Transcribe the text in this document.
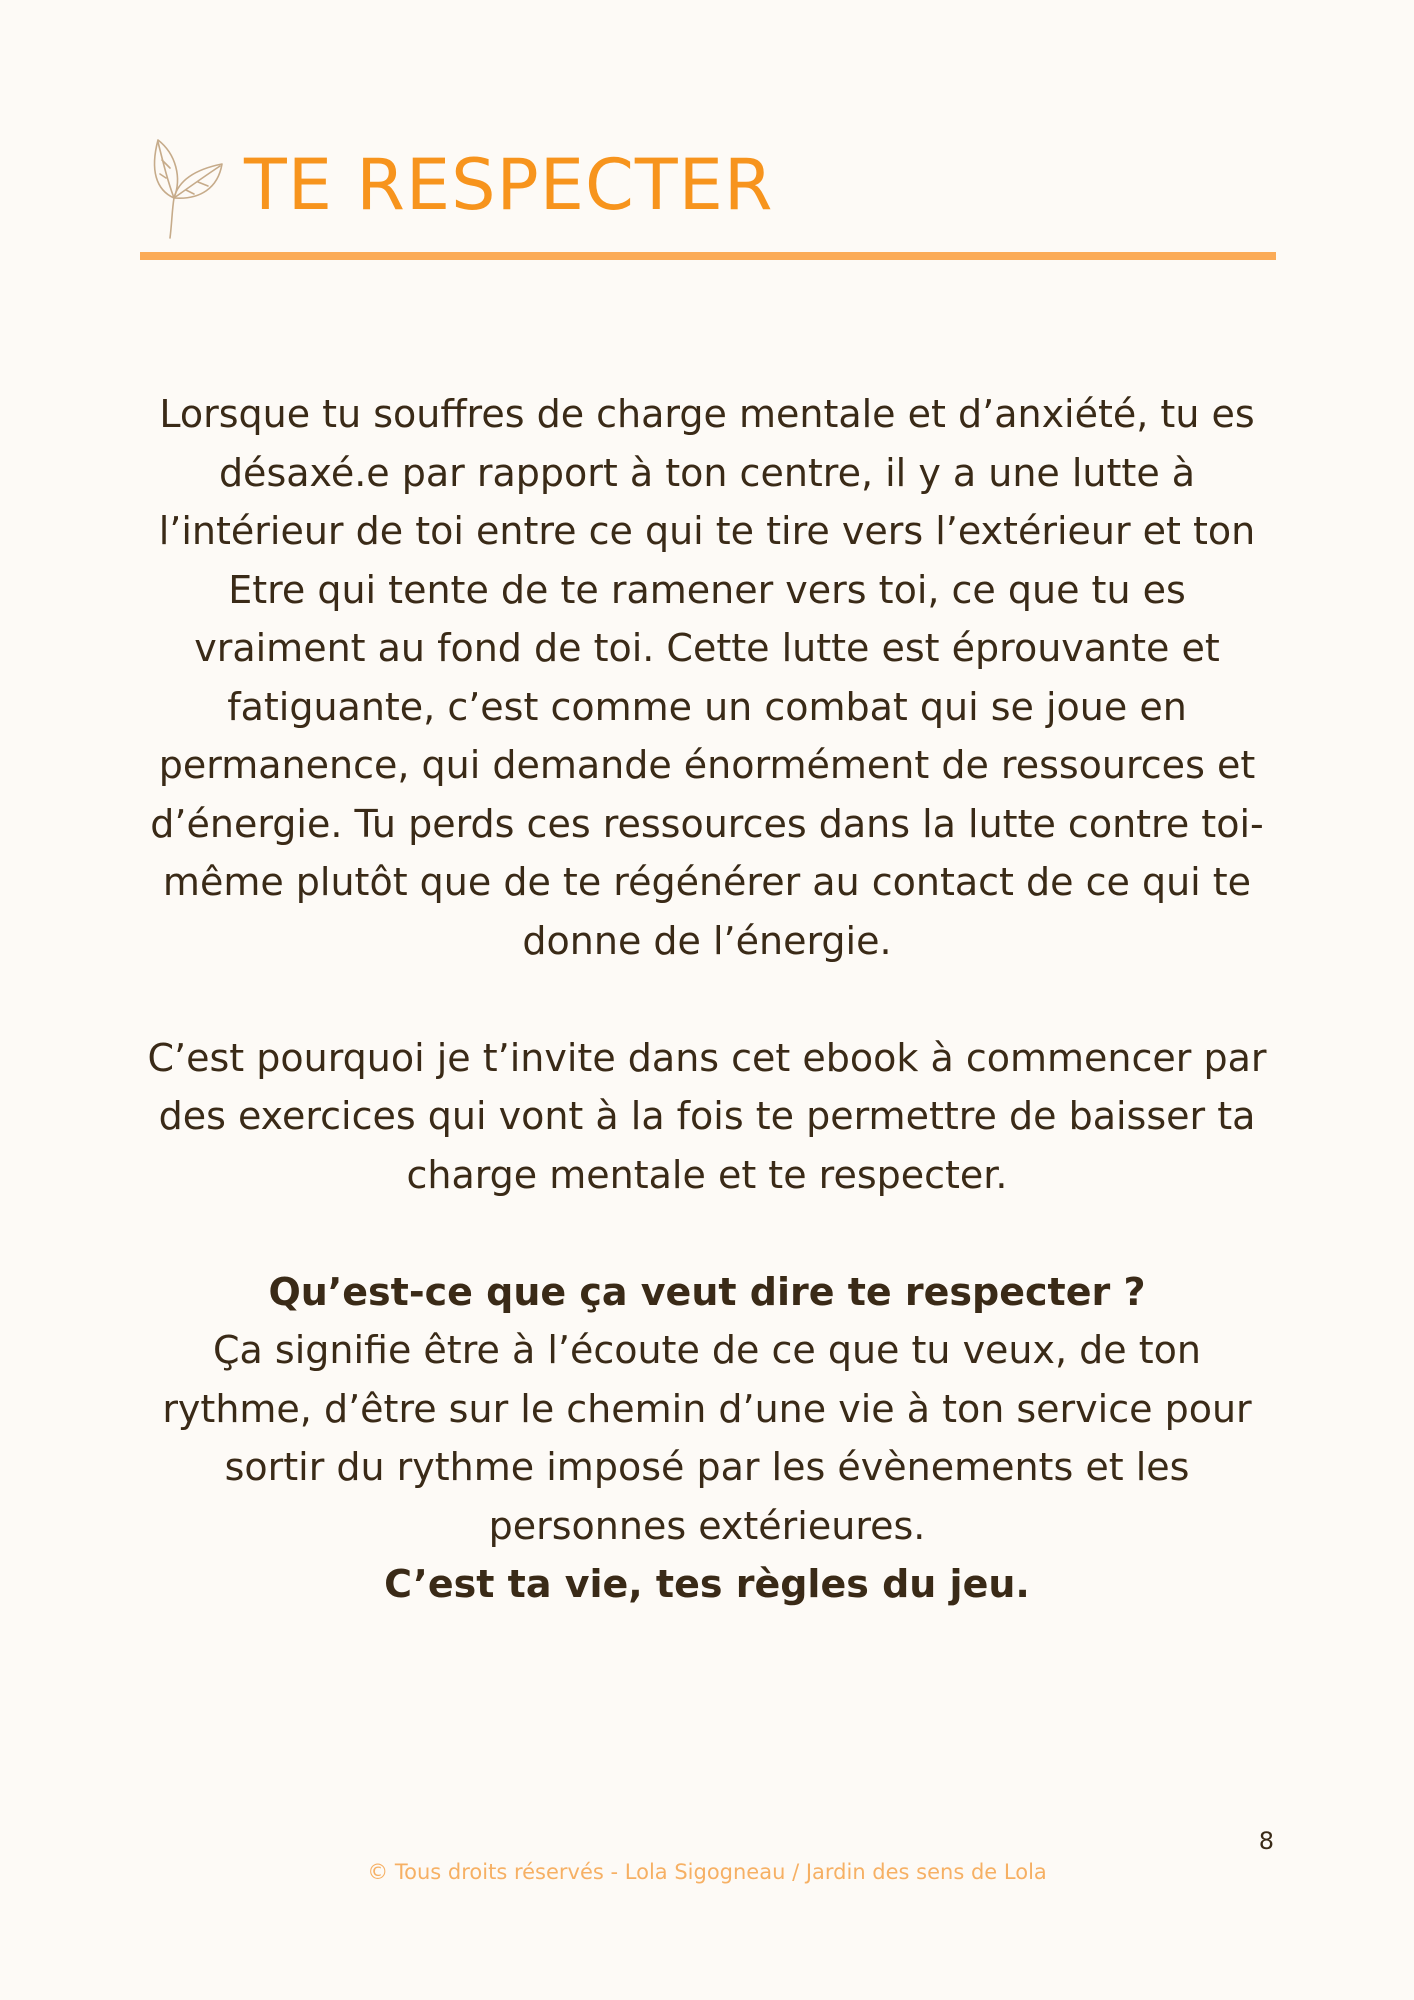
TE RESPECTER

Lorsque tu souffres de charge mentale et d’anxiété, tu es désaxé.e par rapport à ton centre, il y a une lutte à l’intérieur de toi entre ce qui te tire vers l’extérieur et ton Etre qui tente de te ramener vers toi, ce que tu es vraiment au fond de toi. Cette lutte est éprouvante et fatiguante, c’est comme un combat qui se joue en permanence, qui demande énormément de ressources et d’énergie. Tu perds ces ressources dans la lutte contre toi-même plutôt que de te régénérer au contact de ce qui te donne de l’énergie.

C’est pourquoi je t’invite dans cet ebook à commencer par des exercices qui vont à la fois te permettre de baisser ta charge mentale et te respecter.

Qu’est-ce que ça veut dire te respecter ?

Ça signifie être à l’écoute de ce que tu veux, de ton rythme, d’être sur le chemin d’une vie à ton service pour sortir du rythme imposé par les évènements et les personnes extérieures.

C’est ta vie, tes règles du jeu.

8
© Tous droits réservés - Lola Sigogneau / Jardin des sens de Lola
